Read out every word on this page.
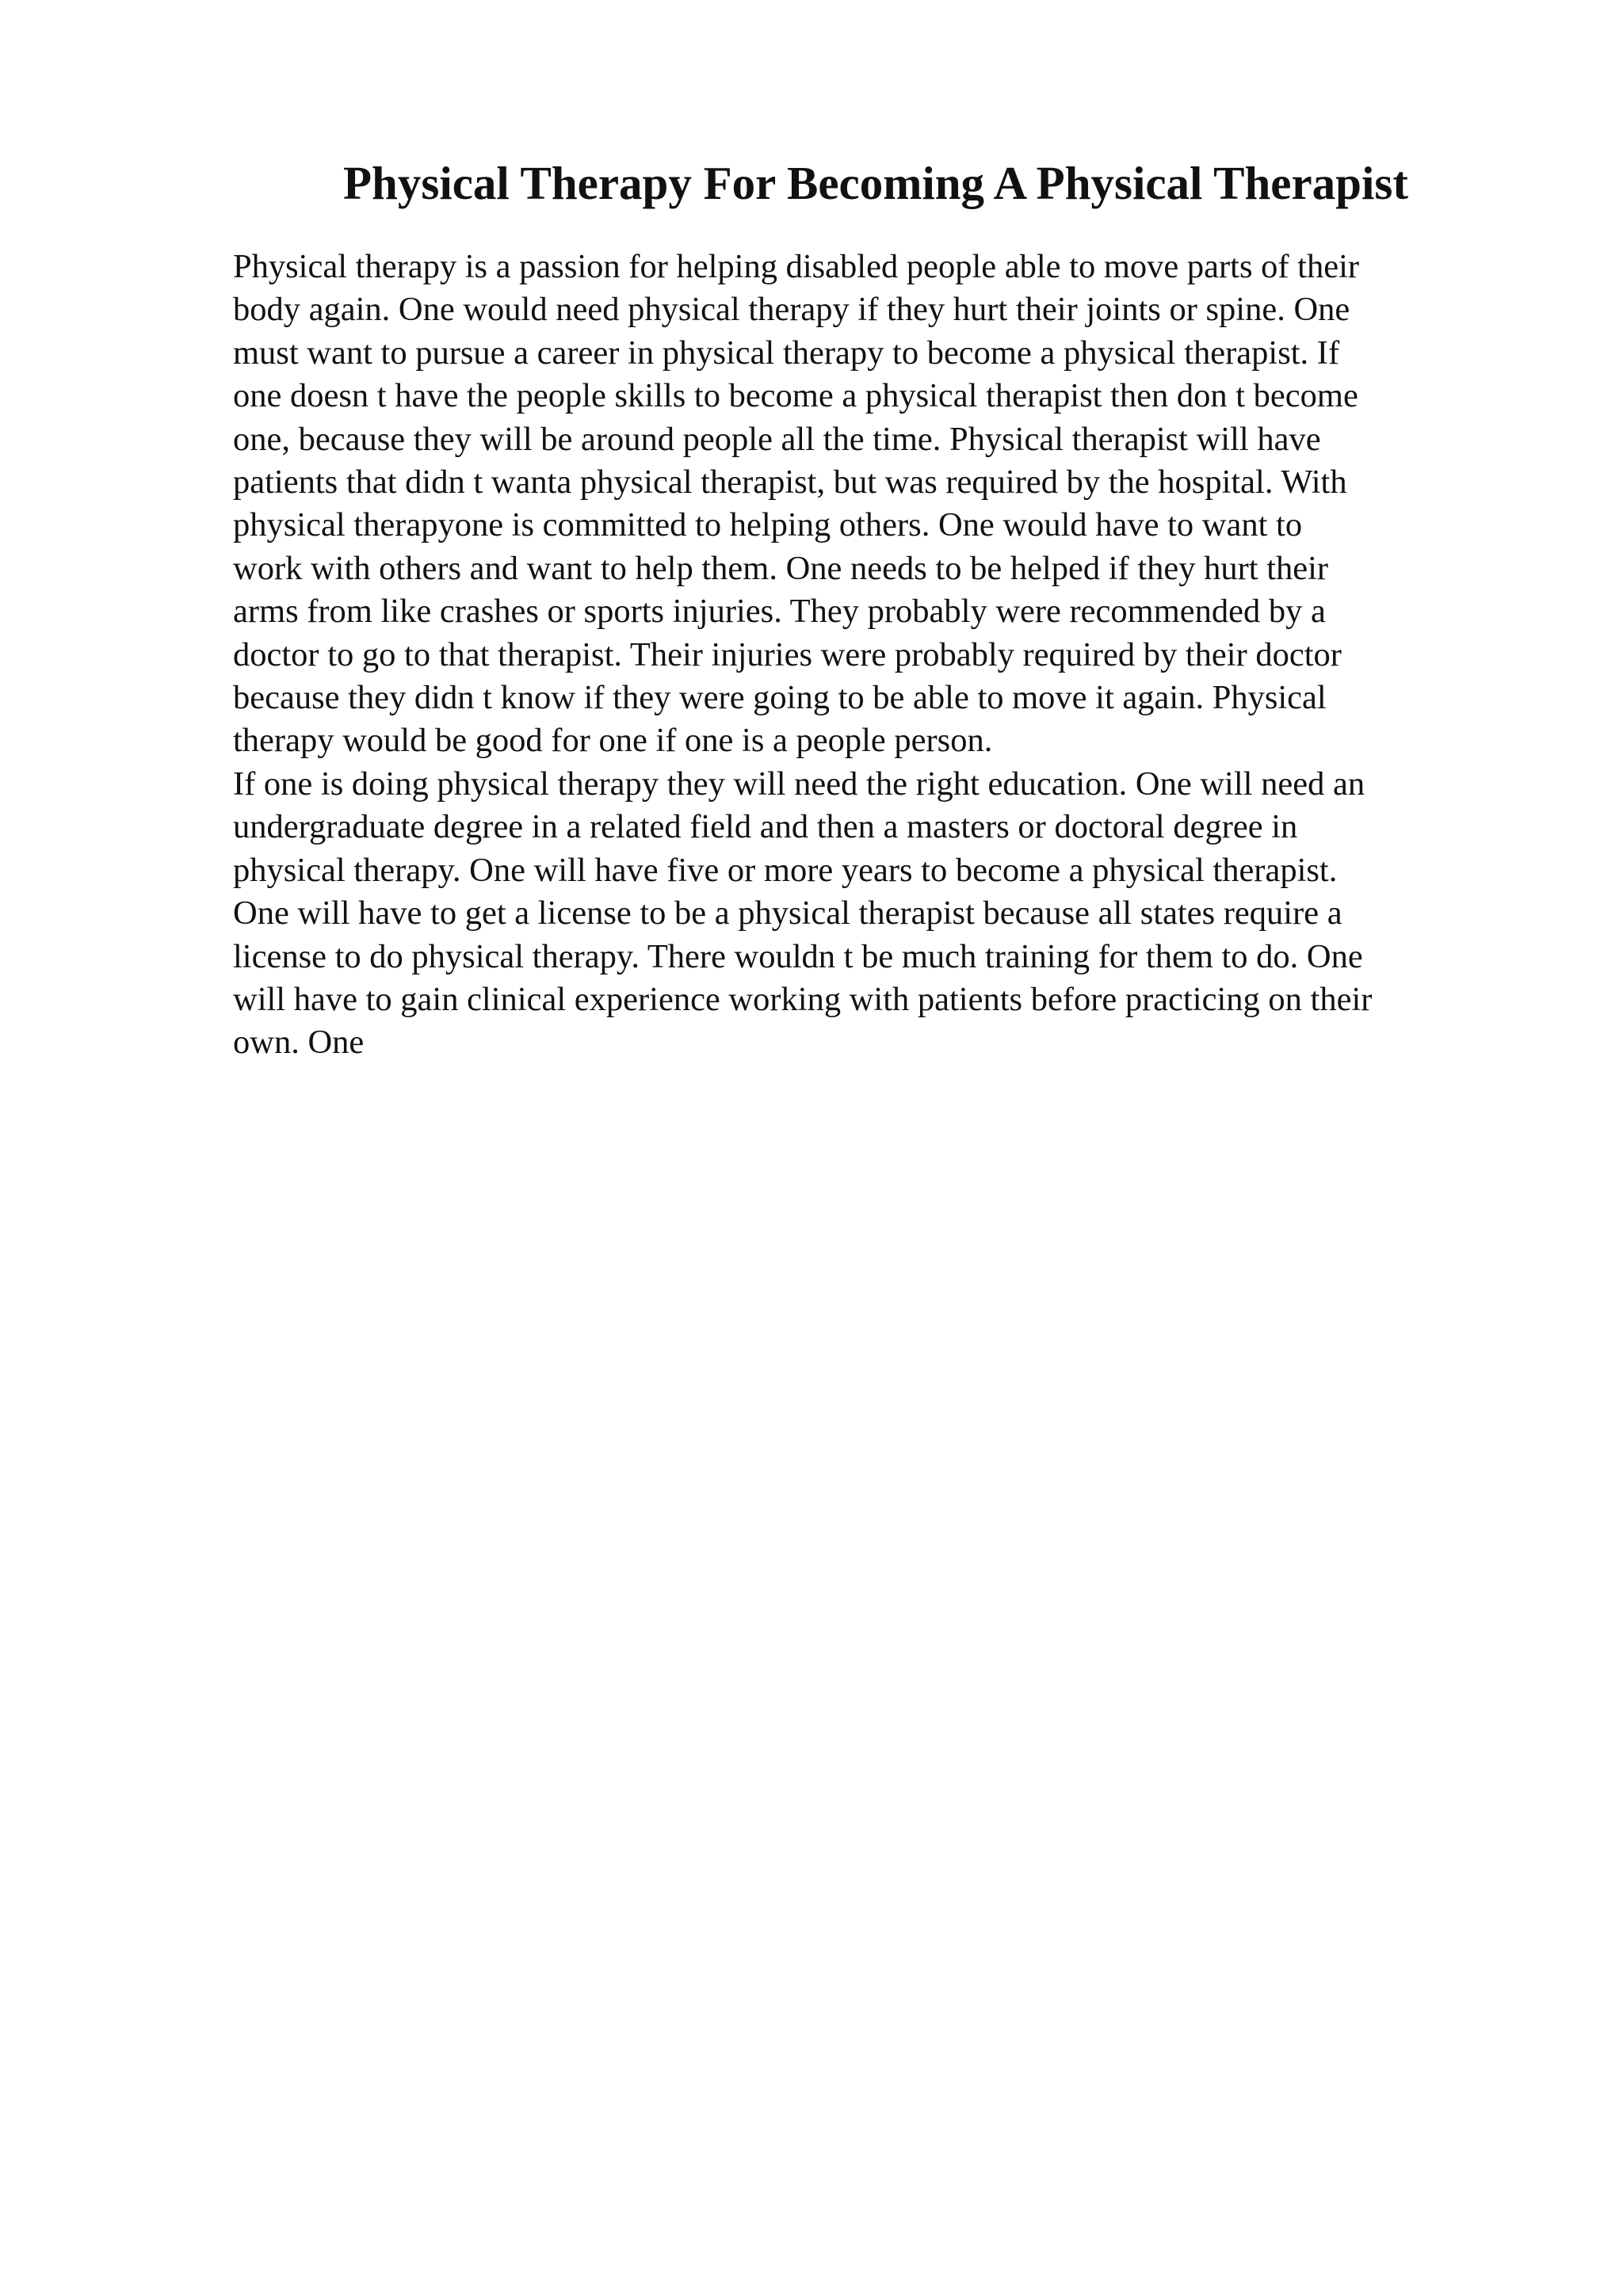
Physical Therapy For Becoming A Physical Therapist
Physical therapy is a passion for helping disabled people able to move parts of their
body again. One would need physical therapy if they hurt their joints or spine. One
must want to pursue a career in physical therapy to become a physical therapist. If
one doesn t have the people skills to become a physical therapist then don t become
one, because they will be around people all the time. Physical therapist will have
patients that didn t wanta physical therapist, but was required by the hospital. With
physical therapyone is committed to helping others. One would have to want to
work with others and want to help them. One needs to be helped if they hurt their
arms from like crashes or sports injuries. They probably were recommended by a
doctor to go to that therapist. Their injuries were probably required by their doctor
because they didn t know if they were going to be able to move it again. Physical
therapy would be good for one if one is a people person.
If one is doing physical therapy they will need the right education. One will need an
undergraduate degree in a related field and then a masters or doctoral degree in
physical therapy. One will have five or more years to become a physical therapist.
One will have to get a license to be a physical therapist because all states require a
license to do physical therapy. There wouldn t be much training for them to do. One
will have to gain clinical experience working with patients before practicing on their
own. One
